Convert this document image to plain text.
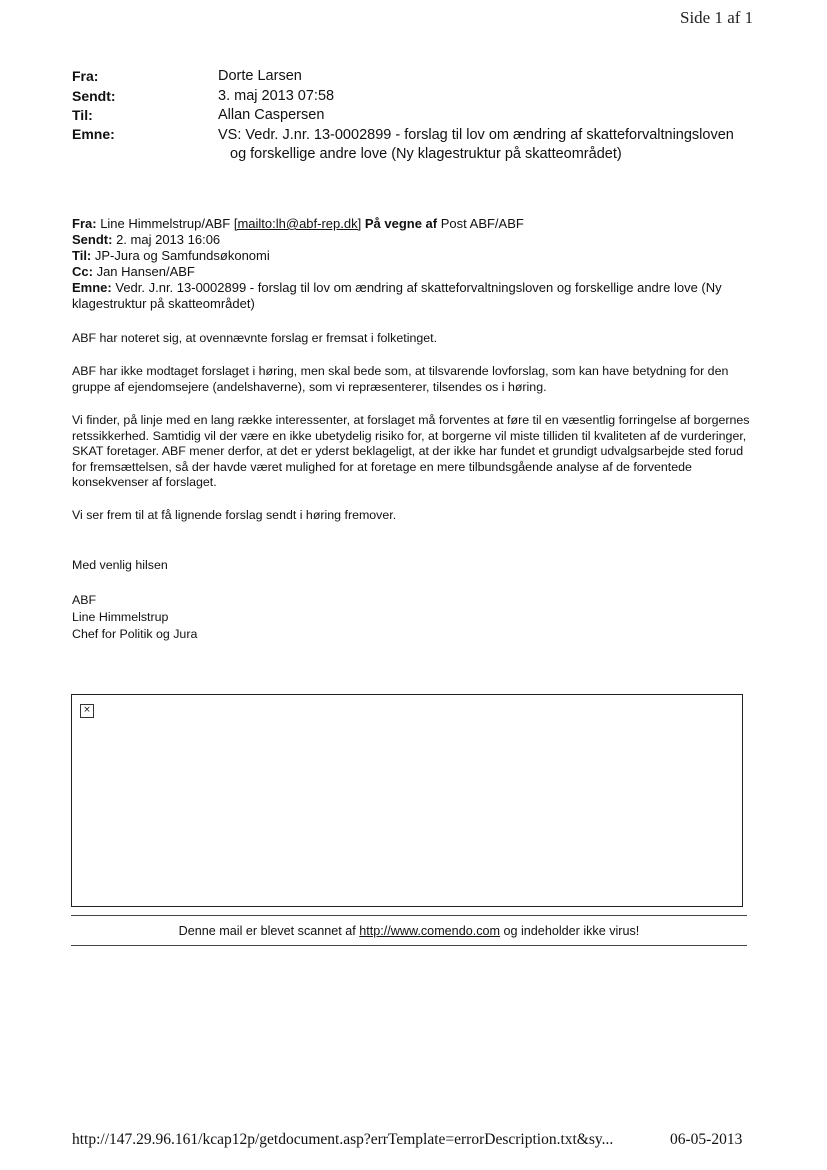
Side 1 af 1
Fra:	Dorte Larsen
Sendt:	3. maj 2013 07:58
Til:	Allan Caspersen
Emne:	VS: Vedr. J.nr. 13-0002899 - forslag til lov om ændring af skatteforvaltningsloven
og forskellige andre love (Ny klagestruktur på skatteområdet)
Fra: Line Himmelstrup/ABF [mailto:lh@abf-rep.dk] På vegne af Post ABF/ABF
Sendt: 2. maj 2013 16:06
Til: JP-Jura og Samfundsøkonomi
Cc: Jan Hansen/ABF
Emne: Vedr. J.nr. 13-0002899 - forslag til lov om ændring af skatteforvaltningsloven og forskellige andre love (Ny klagestruktur på skatteområdet)
ABF har noteret sig, at ovennævnte forslag er fremsat i folketinget.
ABF har ikke modtaget forslaget i høring, men skal bede som, at tilsvarende lovforslag, som kan have betydning for den gruppe af ejendomsejere (andelshaverne), som vi repræsenterer, tilsendes os i høring.
Vi finder, på linje med en lang række interessenter, at forslaget må forventes at føre til en væsentlig forringelse af borgernes retssikkerhed. Samtidig vil der være en ikke ubetydelig risiko for, at borgerne vil miste tilliden til kvaliteten af de vurderinger, SKAT foretager. ABF mener derfor, at det er yderst beklageligt, at der ikke har fundet et grundigt udvalgsarbejde sted forud for fremsættelsen, så der havde været mulighed for at foretage en mere tilbundsgående analyse af de forventede konsekvenser af forslaget.
Vi ser frem til at få lignende forslag sendt i høring fremover.
Med venlig hilsen
ABF
Line Himmelstrup
Chef for Politik og Jura
×
Denne mail er blevet scannet af http://www.comendo.com og indeholder ikke virus!
http://147.29.96.161/kcap12p/getdocument.asp?errTemplate=errorDescription.txt&sy...	06-05-2013
